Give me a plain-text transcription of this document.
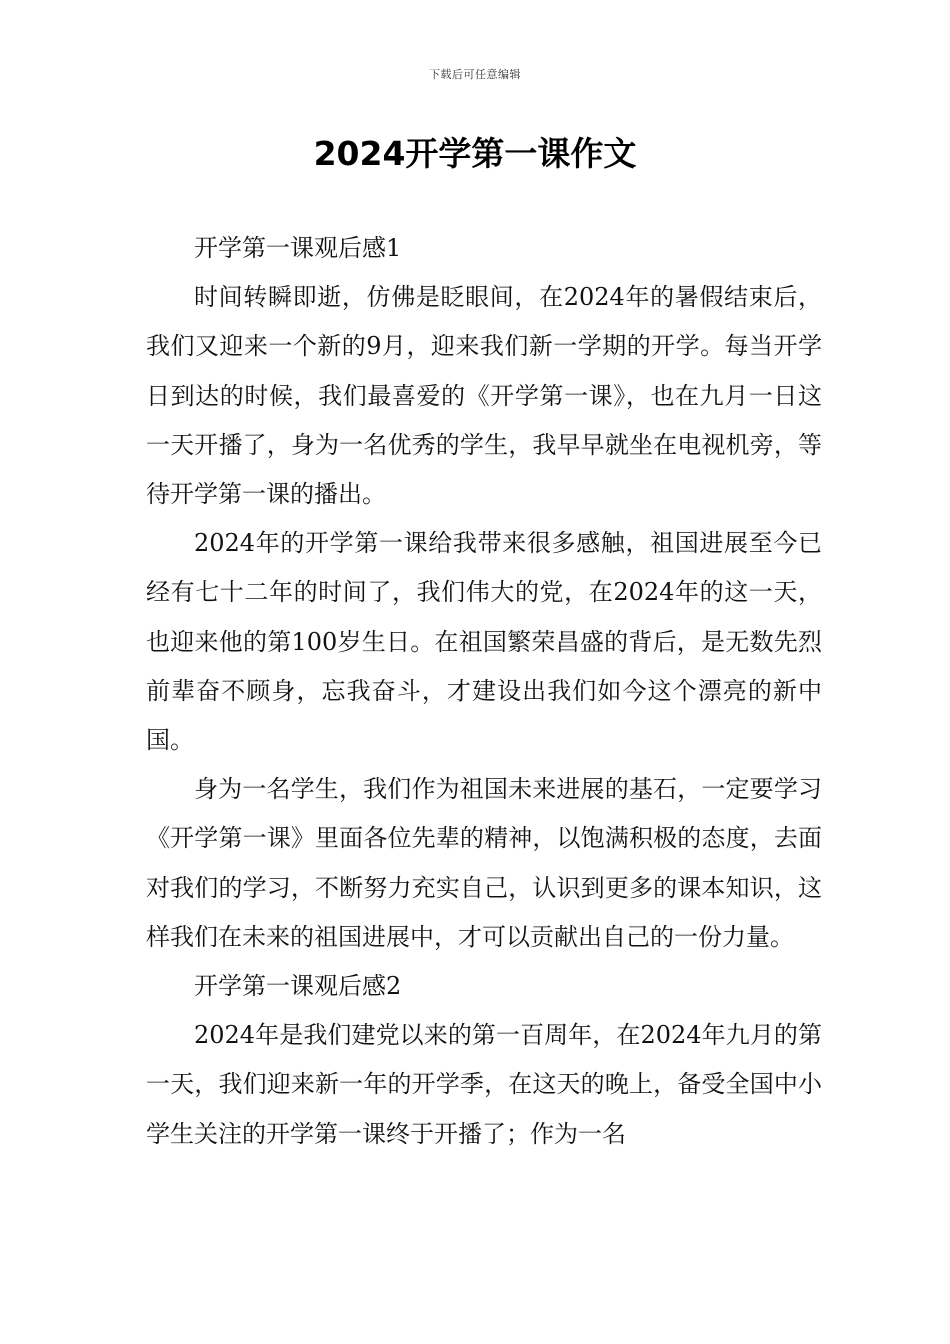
下载后可任意编辑
2024开学第一课作文

开学第一课观后感1

时间转瞬即逝，仿佛是眨眼间，在2024年的暑假结束后，我们又迎来一个新的9月，迎来我们新一学期的开学。每当开学日到达的时候，我们最喜爱的《开学第一课》，也在九月一日这一天开播了，身为一名优秀的学生，我早早就坐在电视机旁，等待开学第一课的播出。

2024年的开学第一课给我带来很多感触，祖国进展至今已经有七十二年的时间了，我们伟大的党，在2024年的这一天，也迎来他的第100岁生日。在祖国繁荣昌盛的背后，是无数先烈前辈奋不顾身，忘我奋斗，才建设出我们如今这个漂亮的新中国。

身为一名学生，我们作为祖国未来进展的基石，一定要学习《开学第一课》里面各位先辈的精神，以饱满积极的态度，去面对我们的学习，不断努力充实自己，认识到更多的课本知识，这样我们在未来的祖国进展中，才可以贡献出自己的一份力量。

开学第一课观后感2

2024年是我们建党以来的第一百周年，在2024年九月的第一天，我们迎来新一年的开学季，在这天的晚上，备受全国中小学生关注的开学第一课终于开播了；作为一名
